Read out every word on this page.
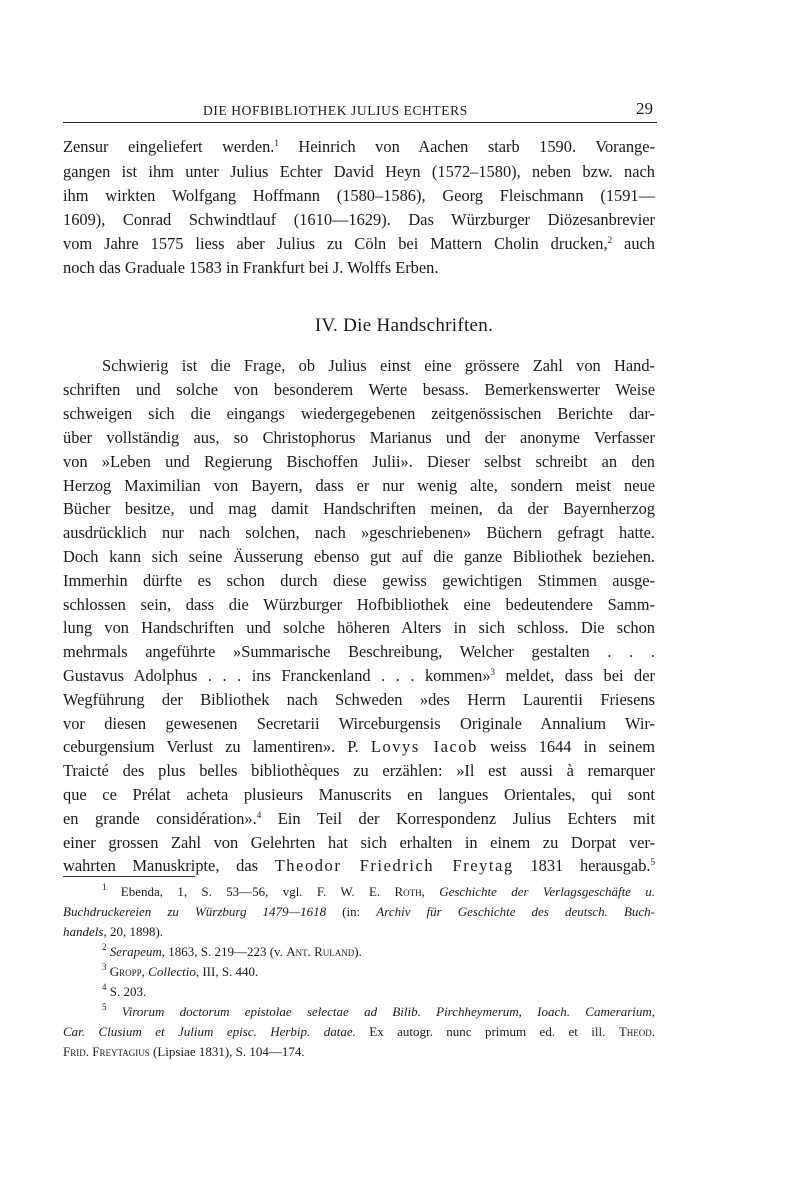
DIE HOFBIBLIOTHEK JULIUS ECHTERS	29
Zensur eingeliefert werden.$^1$ Heinrich von Aachen starb 1590. Vorange-
gangen ist ihm unter Julius Echter David Heyn (1572–1580), neben bzw. nach
ihm wirkten Wolfgang Hoffmann (1580–1586), Georg Fleischmann (1591—
1609), Conrad Schwindtlauf (1610—1629). Das Würzburger Diözesanbrevier
vom Jahre 1575 liess aber Julius zu Cöln bei Mattern Cholin drucken,$^2$ auch
noch das Graduale 1583 in Frankfurt bei J. Wolffs Erben.
IV. Die Handschriften.
Schwierig ist die Frage, ob Julius einst eine grössere Zahl von Hand-
schriften und solche von besonderem Werte besass. Bemerkenswerter Weise
schweigen sich die eingangs wiedergegebenen zeitgenössischen Berichte dar-
über vollständig aus, so Christophorus Marianus und der anonyme Verfasser
von »Leben und Regierung Bischoffen Julii». Dieser selbst schreibt an den
Herzog Maximilian von Bayern, dass er nur wenig alte, sondern meist neue
Bücher besitze, und mag damit Handschriften meinen, da der Bayernherzog
ausdrücklich nur nach solchen, nach »geschriebenen» Büchern gefragt hatte.
Doch kann sich seine Äusserung ebenso gut auf die ganze Bibliothek beziehen.
Immerhin dürfte es schon durch diese gewiss gewichtigen Stimmen ausge-
schlossen sein, dass die Würzburger Hofbibliothek eine bedeutendere Samm-
lung von Handschriften und solche höheren Alters in sich schloss. Die schon
mehrmals angeführte »Summarische Beschreibung, Welcher gestalten . . .
Gustavus Adolphus . . . ins Franckenland . . . kommen»$^3$ meldet, dass bei der
Wegführung der Bibliothek nach Schweden »des Herrn Laurentii Friesens
vor diesen gewesenen Secretarii Wirceburgensis Originale Annalium Wir-
ceburgensium Verlust zu lamentiren». P. Lovys Iacob weiss 1644 in seinem
Traicté des plus belles bibliothèques zu erzählen: »Il est aussi à remarquer
que ce Prélat acheta plusieurs Manuscrits en langues Orientales, qui sont
en grande considération».$^4$ Ein Teil der Korrespondenz Julius Echters mit
einer grossen Zahl von Gelehrten hat sich erhalten in einem zu Dorpat ver-
wahrten Manuskripte, das Theodor Friedrich Freytag 1831 herausgab.$^5$
$^1$ Ebenda, 1, S. 53—56, vgl. F. W. E. Roth, Geschichte der Verlagsgeschäfte u.
Buchdruckereien zu Würzburg 1479—1618 (in: Archiv für Geschichte des deutsch. Buch-
handels, 20, 1898).
$^2$ Serapeum, 1863, S. 219—223 (v. Ant. Ruland).
$^3$ Gropp, Collectio, III, S. 440.
$^4$ S. 203.
$^5$ Virorum doctorum epistolae selectae ad Bilib. Pirchheymerum, Ioach. Camerarium,
Car. Clusium et Julium episc. Herbip. datae. Ex autogr. nunc primum ed. et ill. Theod.
Frid. Freytagius (Lipsiae 1831), S. 104—174.
